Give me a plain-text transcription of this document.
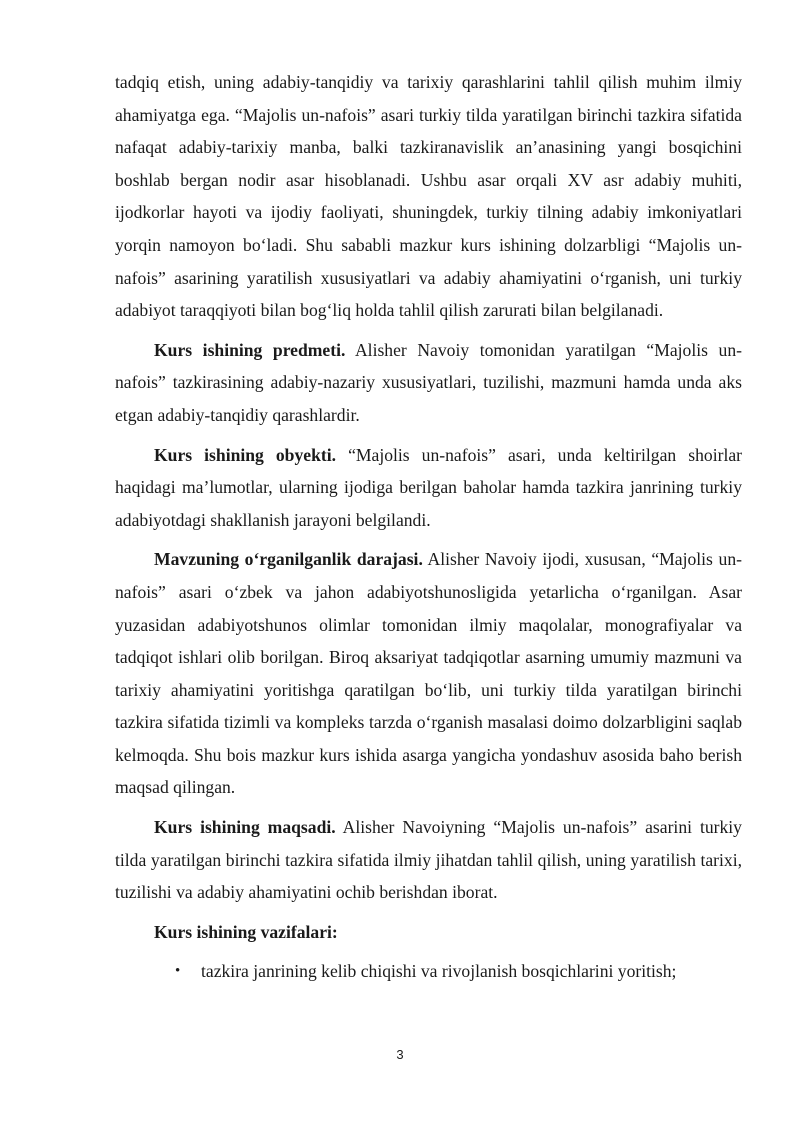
tadqiq etish, uning adabiy-tanqidiy va tarixiy qarashlarini tahlil qilish muhim ilmiy ahamiyatga ega. “Majolis un-nafois” asari turkiy tilda yaratilgan birinchi tazkira sifatida nafaqat adabiy-tarixiy manba, balki tazkiranavislik an’anasining yangi bosqichini boshlab bergan nodir asar hisoblanadi. Ushbu asar orqali XV asr adabiy muhiti, ijodkorlar hayoti va ijodiy faoliyati, shuningdek, turkiy tilning adabiy imkoniyatlari yorqin namoyon bo‘ladi. Shu sababli mazkur kurs ishining dolzarbligi “Majolis un-nafois” asarining yaratilish xususiyatlari va adabiy ahamiyatini o‘rganish, uni turkiy adabiyot taraqqiyoti bilan bog‘liq holda tahlil qilish zarurati bilan belgilanadi.

Kurs ishining predmeti. Alisher Navoiy tomonidan yaratilgan “Majolis un-nafois” tazkirasining adabiy-nazariy xususiyatlari, tuzilishi, mazmuni hamda unda aks etgan adabiy-tanqidiy qarashlardir.

Kurs ishining obyekti. “Majolis un-nafois” asari, unda keltirilgan shoirlar haqidagi ma’lumotlar, ularning ijodiga berilgan baholar hamda tazkira janrining turkiy adabiyotdagi shakllanish jarayoni belgilandi.

Mavzuning o‘rganilganlik darajasi. Alisher Navoiy ijodi, xususan, “Majolis un-nafois” asari o‘zbek va jahon adabiyotshunosligida yetarlicha o‘rganilgan. Asar yuzasidan adabiyotshunos olimlar tomonidan ilmiy maqolalar, monografiyalar va tadqiqot ishlari olib borilgan. Biroq aksariyat tadqiqotlar asarning umumiy mazmuni va tarixiy ahamiyatini yoritishga qaratilgan bo‘lib, uni turkiy tilda yaratilgan birinchi tazkira sifatida tizimli va kompleks tarzda o‘rganish masalasi doimo dolzarbligini saqlab kelmoqda. Shu bois mazkur kurs ishida asarga yangicha yondashuv asosida baho berish maqsad qilingan.

Kurs ishining maqsadi. Alisher Navoiyning “Majolis un-nafois” asarini turkiy tilda yaratilgan birinchi tazkira sifatida ilmiy jihatdan tahlil qilish, uning yaratilish tarixi, tuzilishi va adabiy ahamiyatini ochib berishdan iborat.

Kurs ishining vazifalari:

• tazkira janrining kelib chiqishi va rivojlanish bosqichlarini yoritish;
3
